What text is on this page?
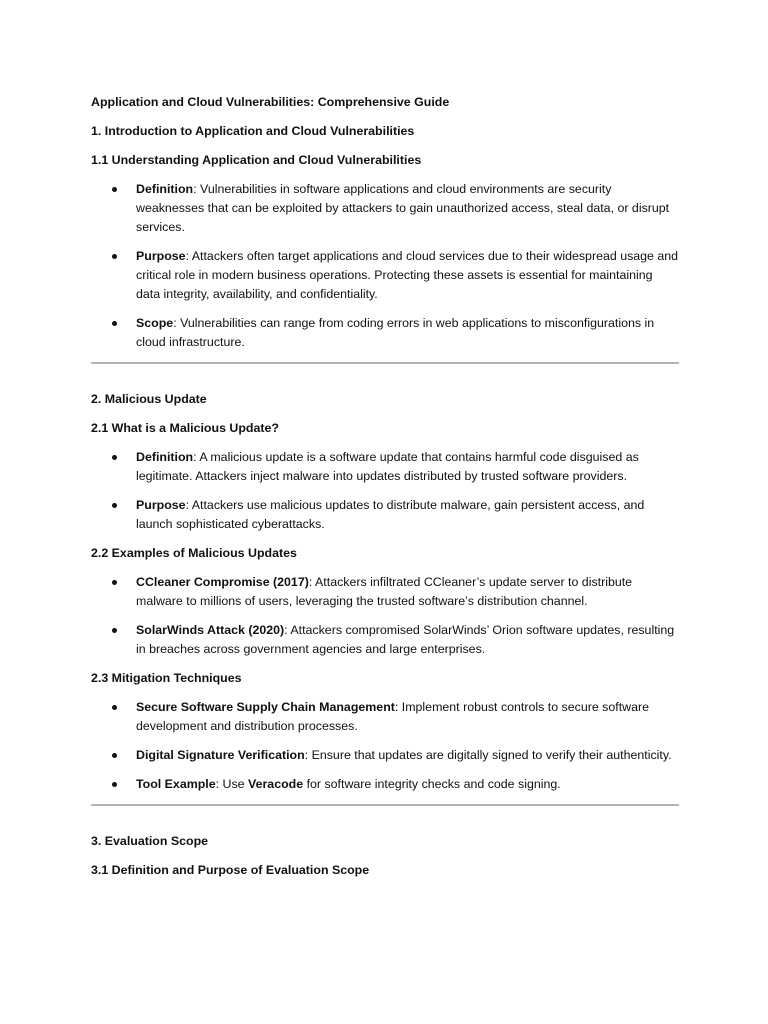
Application and Cloud Vulnerabilities: Comprehensive Guide
1. Introduction to Application and Cloud Vulnerabilities
1.1 Understanding Application and Cloud Vulnerabilities
Definition: Vulnerabilities in software applications and cloud environments are security weaknesses that can be exploited by attackers to gain unauthorized access, steal data, or disrupt services.
Purpose: Attackers often target applications and cloud services due to their widespread usage and critical role in modern business operations. Protecting these assets is essential for maintaining data integrity, availability, and confidentiality.
Scope: Vulnerabilities can range from coding errors in web applications to misconfigurations in cloud infrastructure.
2. Malicious Update
2.1 What is a Malicious Update?
Definition: A malicious update is a software update that contains harmful code disguised as legitimate. Attackers inject malware into updates distributed by trusted software providers.
Purpose: Attackers use malicious updates to distribute malware, gain persistent access, and launch sophisticated cyberattacks.
2.2 Examples of Malicious Updates
CCleaner Compromise (2017): Attackers infiltrated CCleaner’s update server to distribute malware to millions of users, leveraging the trusted software’s distribution channel.
SolarWinds Attack (2020): Attackers compromised SolarWinds’ Orion software updates, resulting in breaches across government agencies and large enterprises.
2.3 Mitigation Techniques
Secure Software Supply Chain Management: Implement robust controls to secure software development and distribution processes.
Digital Signature Verification: Ensure that updates are digitally signed to verify their authenticity.
Tool Example: Use Veracode for software integrity checks and code signing.
3. Evaluation Scope
3.1 Definition and Purpose of Evaluation Scope
